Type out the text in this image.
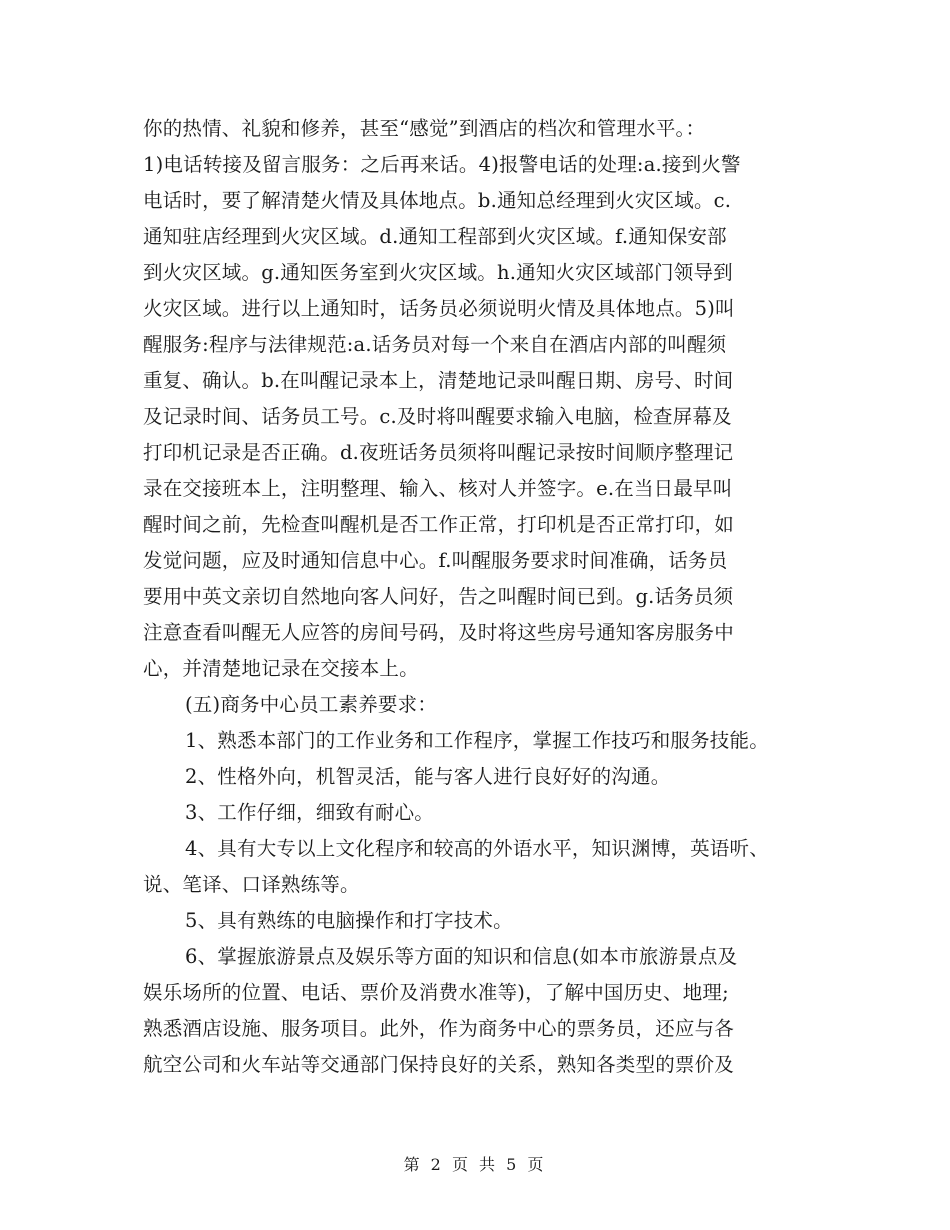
你的热情、礼貌和修养，甚至“感觉”到酒店的档次和管理水平。：
1)电话转接及留言服务：之后再来话。4)报警电话的处理:a.接到火警
电话时，要了解清楚火情及具体地点。b.通知总经理到火灾区域。c.
通知驻店经理到火灾区域。d.通知工程部到火灾区域。f.通知保安部
到火灾区域。g.通知医务室到火灾区域。h.通知火灾区域部门领导到
火灾区域。进行以上通知时，话务员必须说明火情及具体地点。5)叫
醒服务:程序与法律规范:a.话务员对每一个来自在酒店内部的叫醒须
重复、确认。b.在叫醒记录本上，清楚地记录叫醒日期、房号、时间
及记录时间、话务员工号。c.及时将叫醒要求输入电脑，检查屏幕及
打印机记录是否正确。d.夜班话务员须将叫醒记录按时间顺序整理记
录在交接班本上，注明整理、输入、核对人并签字。e.在当日最早叫
醒时间之前，先检查叫醒机是否工作正常，打印机是否正常打印，如
发觉问题，应及时通知信息中心。f.叫醒服务要求时间准确，话务员
要用中英文亲切自然地向客人问好，告之叫醒时间已到。g.话务员须
注意查看叫醒无人应答的房间号码，及时将这些房号通知客房服务中
心，并清楚地记录在交接本上。
(五)商务中心员工素养要求：
1、熟悉本部门的工作业务和工作程序，掌握工作技巧和服务技能。
2、性格外向，机智灵活，能与客人进行良好好的沟通。
3、工作仔细，细致有耐心。
4、具有大专以上文化程序和较高的外语水平，知识渊博，英语听、
说、笔译、口译熟练等。
5、具有熟练的电脑操作和打字技术。
6、掌握旅游景点及娱乐等方面的知识和信息(如本市旅游景点及
娱乐场所的位置、电话、票价及消费水准等)，了解中国历史、地理;
熟悉酒店设施、服务项目。此外，作为商务中心的票务员，还应与各
航空公司和火车站等交通部门保持良好的关系，熟知各类型的票价及
第 2 页 共 5 页
